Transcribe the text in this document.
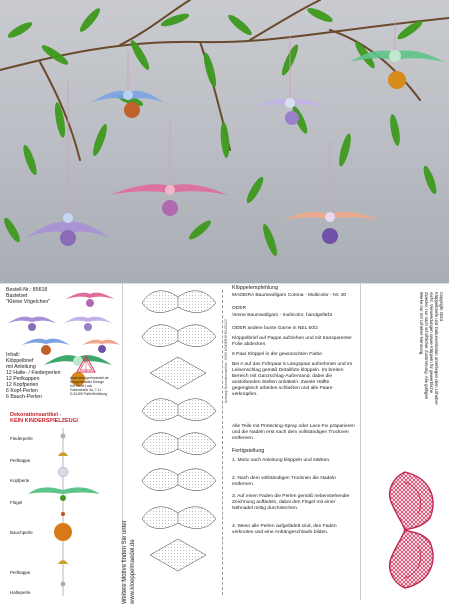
Bestell-Nr.: 85618

Bastelset

"Kleine Vögelchen"

Inhalt:

Klöppelbrief

mit Anleitung

12 Halte- / Fiederperlen

12 Perlkappen

12 Kopfperlen

6 Kopf-Perlen

6 Bauch-Perlen

www.kloeppelmaedel.de

Klöppelmädel Design

Inh. Bertit Luck

Gutenstraße 3a, 7-11

D-91459 Fürth/Wolfsburg

Dekorationsartikel -

KEIN KINDERSPIELZEUG!

Fiederperle

Perlkappe

Kopfperle

Flügel

Bauchperle

Perlkappe

Halteperle	Weitere Motive finden Sie unter www.kloeppelmaedel.de

Achtung! Dekorationsartikel - KEIN KINDERSPIELZEUG!

Klöppelempfehlung

MADEIRA Baumwollgarn Cotona - Multicolor - Nr. 30

ODER

Venne Baumwollgarn - multicolor, handgefärbt

ODER andere bunte Garne in NEL 60/2

Klöppelbrief auf Pappe aufziehen und mit transparenter Folie abdecken.

6 Paar Klöppel in der gewünschten Farbe

Bei A auf das Führpaar 5 Längspaar aufnehmen und im Leinenschlag gemäß Detailfoto klöppeln. Im breiten Bereich mit Ganzschlag-Außenrand, dabei die anstoßenden Stellen anhäkeln. Zweite Hälfte gegengleich arbeiten schließen und alle Paare verknüpfen.

Alle Teile mit Protecting-Spray oder Lace-Fix präparieren und die Nadeln erst nach dem vollständigen Trocknen entfernen.

Fertigstellung

1. Motiv nach Anleitung klöppeln und stärken.

2. Nach dem vollständigen Trocknen die Nadeln entfernen.

3. Auf einen Faden die Perlen gemäß nebenstehender Zeichnung auffädeln, dabei den Flügel mit einer Nähnadel mittig durchstechen.

4. Wenn alle Perlen aufgefädelt sind, den Faden verknoten und eine Anhängeschlaufe bilden.

Copyright 2024

Klöppelbriefe und Dokumentation unterliegen dem Urheber-

recht. Verwendungen sowie Klöppeln für gewerbliche

Zwecke, nur nach schriftlicher Zustimmung. Alle gültigen

Werke nur mit Urheber-Nennung.
